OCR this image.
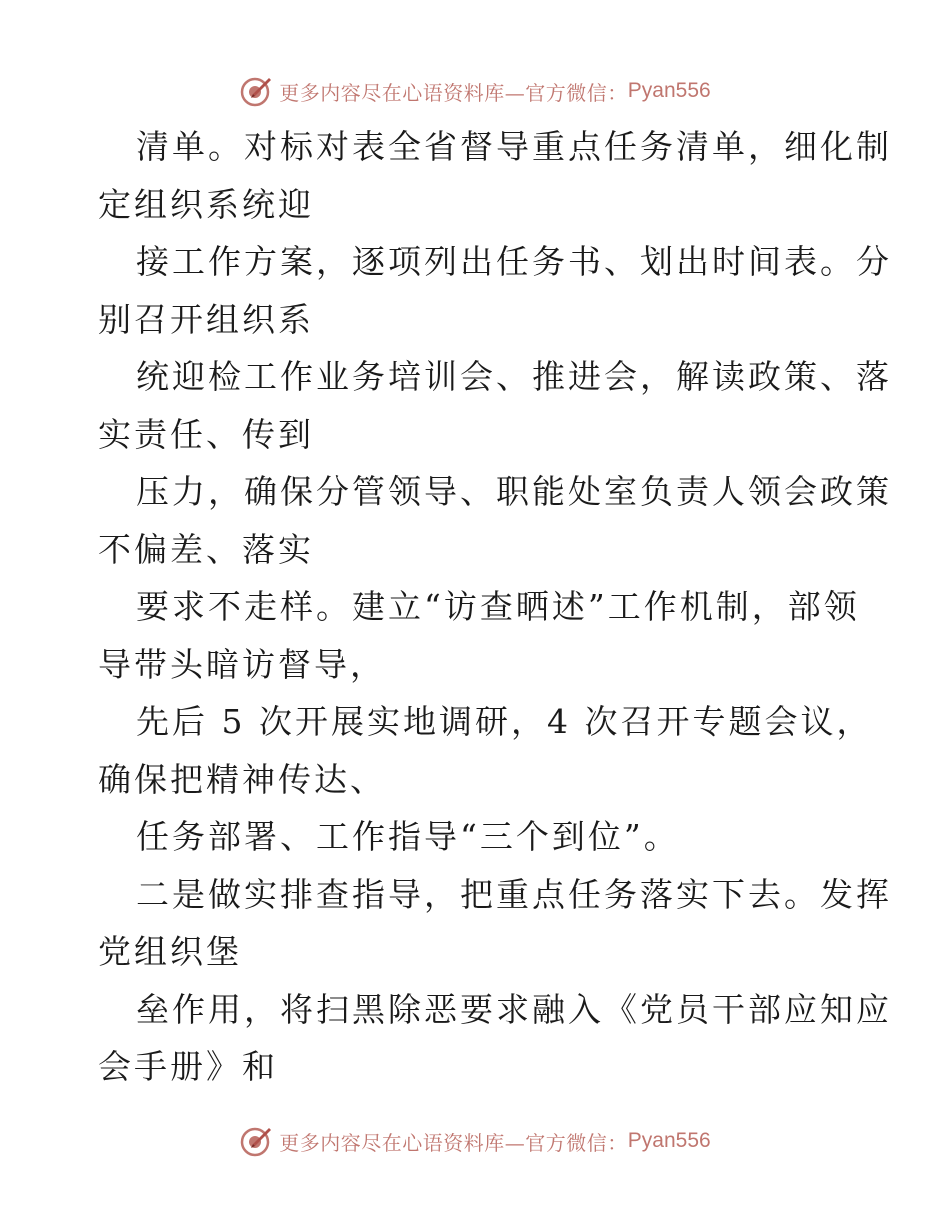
更多内容尽在心语资料库—官方微信： Pyan556
清单。对标对表全省督导重点任务清单，细化制
定组织系统迎
接工作方案，逐项列出任务书、划出时间表。分
别召开组织系
统迎检工作业务培训会、推进会，解读政策、落
实责任、传到
压力，确保分管领导、职能处室负责人领会政策
不偏差、落实
要求不走样。建立“访查晒述”工作机制，部领
导带头暗访督导，
先后 5 次开展实地调研，4 次召开专题会议，
确保把精神传达、
任务部署、工作指导“三个到位”。
二是做实排查指导，把重点任务落实下去。发挥
党组织堡
垒作用，将扫黑除恶要求融入《党员干部应知应
会手册》和
更多内容尽在心语资料库—官方微信： Pyan556
